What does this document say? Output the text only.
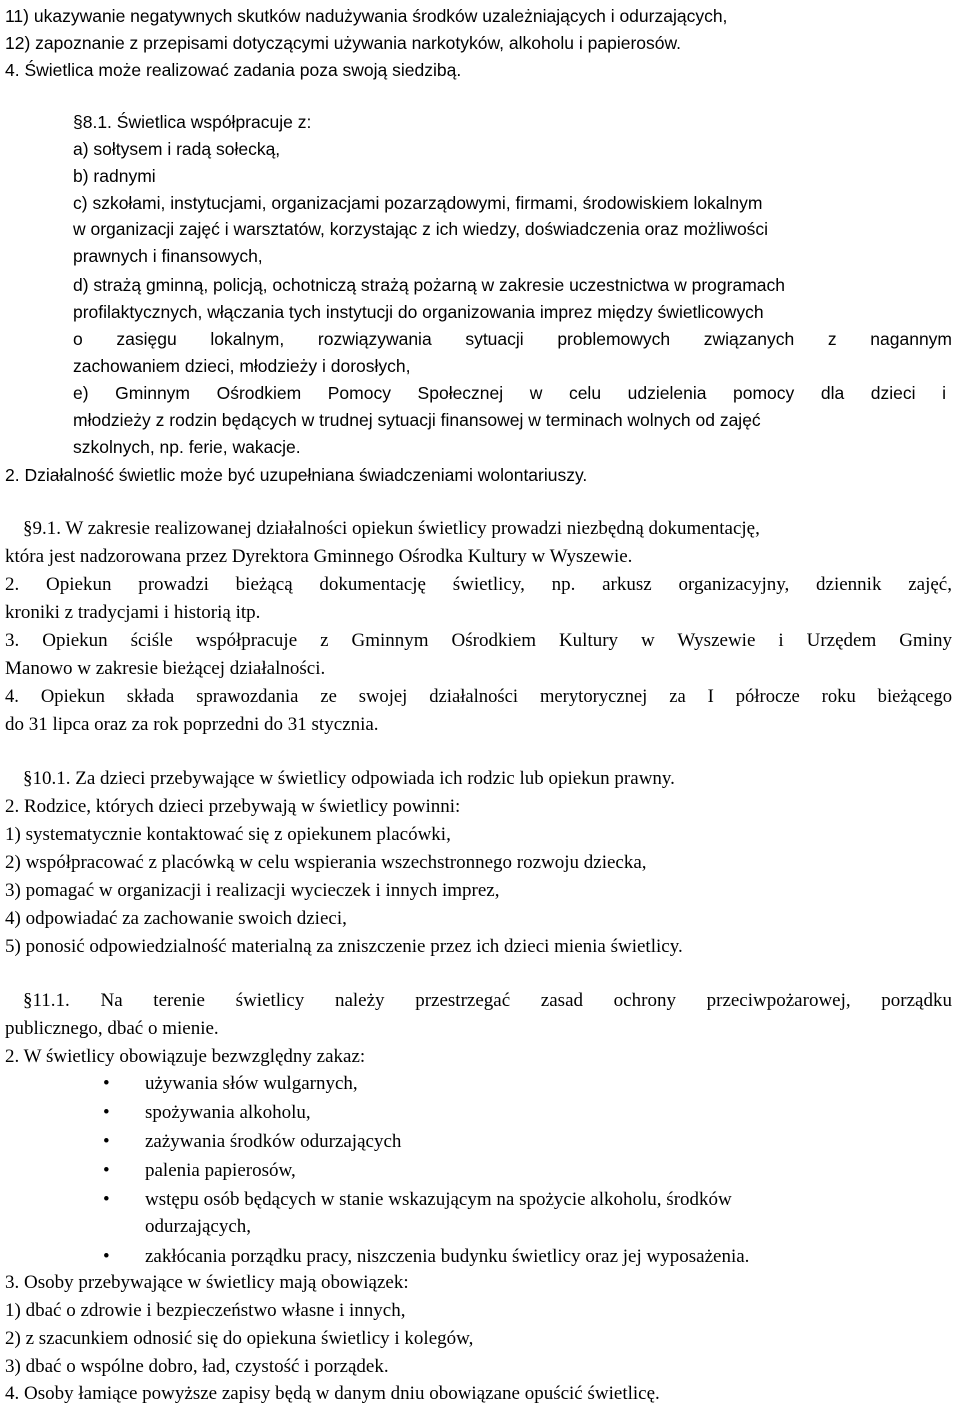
11) ukazywanie negatywnych skutków nadużywania środków uzależniających i odurzających,
12) zapoznanie z przepisami dotyczącymi używania narkotyków, alkoholu i papierosów.
4. Świetlica może realizować zadania poza swoją siedzibą.
§8.1. Świetlica współpracuje z:
a) sołtysem i radą sołecką,
b) radnymi
c) szkołami, instytucjami, organizacjami pozarządowymi, firmami, środowiskiem lokalnym
w organizacji zajęć i warsztatów, korzystając z ich wiedzy, doświadczenia oraz możliwości
prawnych i finansowych,
d) strażą gminną, policją, ochotniczą strażą pożarną w zakresie uczestnictwa w programach
profilaktycznych, włączania tych instytucji do organizowania imprez między świetlicowych
o zasięgu lokalnym, rozwiązywania sytuacji problemowych związanych z nagannym
zachowaniem dzieci, młodzieży i dorosłych,
e) Gminnym Ośrodkiem Pomocy Społecznej w celu udzielenia pomocy dla dzieci i
młodzieży z rodzin będących w trudnej sytuacji finansowej w terminach wolnych od zajęć
szkolnych, np. ferie, wakacje.
2. Działalność świetlic może być uzupełniana świadczeniami wolontariuszy.
§9.1. W zakresie realizowanej działalności opiekun świetlicy prowadzi niezbędną dokumentację,
która jest nadzorowana przez Dyrektora Gminnego Ośrodka Kultury w Wyszewie.
2. Opiekun prowadzi bieżącą dokumentację świetlicy, np. arkusz organizacyjny, dziennik zajęć,
kroniki z tradycjami i historią itp.
3. Opiekun ściśle współpracuje z Gminnym Ośrodkiem Kultury w Wyszewie i Urzędem Gminy
Manowo w zakresie bieżącej działalności.
4. Opiekun składa sprawozdania ze swojej działalności merytorycznej za I półrocze roku bieżącego
do 31 lipca oraz za rok poprzedni do 31 stycznia.
§10.1. Za dzieci przebywające w świetlicy odpowiada ich rodzic lub opiekun prawny.
2. Rodzice, których dzieci przebywają w świetlicy powinni:
1) systematycznie kontaktować się z opiekunem placówki,
2) współpracować z placówką w celu wspierania wszechstronnego rozwoju dziecka,
3) pomagać w organizacji i realizacji wycieczek i innych imprez,
4) odpowiadać za zachowanie swoich dzieci,
5) ponosić odpowiedzialność materialną za zniszczenie przez ich dzieci mienia świetlicy.
§11.1. Na terenie świetlicy należy przestrzegać zasad ochrony przeciwpożarowej, porządku
publicznego, dbać o mienie.
2. W świetlicy obowiązuje bezwzględny zakaz:
• używania słów wulgarnych,
• spożywania alkoholu,
• zażywania środków odurzających
• palenia papierosów,
• wstępu osób będących w stanie wskazującym na spożycie alkoholu, środków
odurzających,
• zakłócania porządku pracy, niszczenia budynku świetlicy oraz jej wyposażenia.
3. Osoby przebywające w świetlicy mają obowiązek:
1) dbać o zdrowie i bezpieczeństwo własne i innych,
2) z szacunkiem odnosić się do opiekuna świetlicy i kolegów,
3) dbać o wspólne dobro, ład, czystość i porządek.
4. Osoby łamiące powyższe zapisy będą w danym dniu obowiązane opuścić świetlicę.
